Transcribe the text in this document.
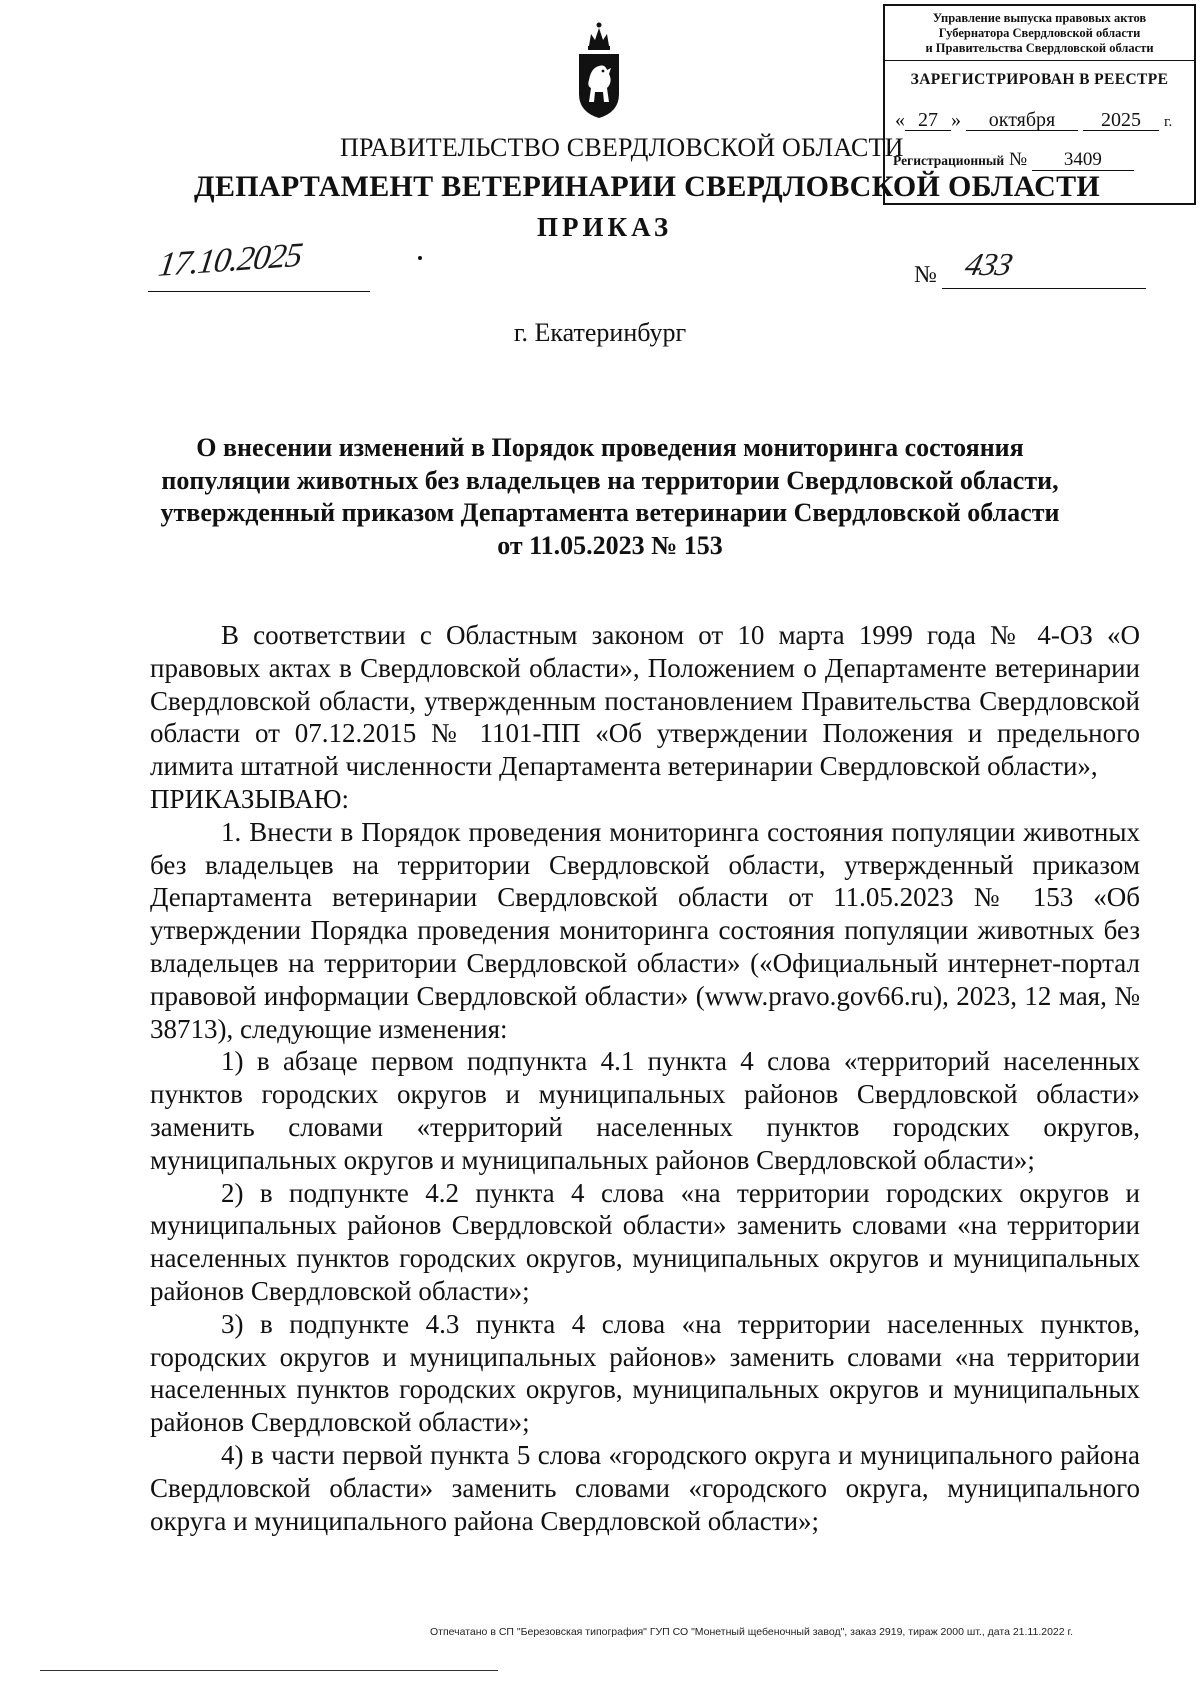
Управление выпуска правовых актов
Губернатора Свердловской области
и Правительства Свердловской области
ЗАРЕГИСТРИРОВАН В РЕЕСТРЕ
« 27 » октября 2025 г.
Регистрационный № 3409
ПРАВИТЕЛЬСТВО СВЕРДЛОВСКОЙ ОБЛАСТИ
ДЕПАРТАМЕНТ ВЕТЕРИНАРИИ СВЕРДЛОВСКОЙ ОБЛАСТИ
ПРИКАЗ
17.10.2025	№ 433
г. Екатеринбург
О внесении изменений в Порядок проведения мониторинга состояния популяции животных без владельцев на территории Свердловской области, утвержденный приказом Департамента ветеринарии Свердловской области от 11.05.2023 № 153

В соответствии с Областным законом от 10 марта 1999 года № 4-ОЗ «О правовых актах в Свердловской области», Положением о Департаменте ветеринарии Свердловской области, утвержденным постановлением Правительства Свердловской области от 07.12.2015 № 1101-ПП «Об утверждении Положения и предельного лимита штатной численности Департамента ветеринарии Свердловской области»,

ПРИКАЗЫВАЮ:

1. Внести в Порядок проведения мониторинга состояния популяции животных без владельцев на территории Свердловской области, утвержденный приказом Департамента ветеринарии Свердловской области от 11.05.2023 № 153 «Об утверждении Порядка проведения мониторинга состояния популяции животных без владельцев на территории Свердловской области» («Официальный интернет-портал правовой информации Свердловской области» (www.pravo.gov66.ru), 2023, 12 мая, № 38713), следующие изменения:

1) в абзаце первом подпункта 4.1 пункта 4 слова «территорий населенных пунктов городских округов и муниципальных районов Свердловской области» заменить словами «территорий населенных пунктов городских округов, муниципальных округов и муниципальных районов Свердловской области»;

2) в подпункте 4.2 пункта 4 слова «на территории городских округов и муниципальных районов Свердловской области» заменить словами «на территории населенных пунктов городских округов, муниципальных округов и муниципальных районов Свердловской области»;

3) в подпункте 4.3 пункта 4 слова «на территории населенных пунктов, городских округов и муниципальных районов» заменить словами «на территории населенных пунктов городских округов, муниципальных округов и муниципальных районов Свердловской области»;

4) в части первой пункта 5 слова «городского округа и муниципального района Свердловской области» заменить словами «городского округа, муниципального округа и муниципального района Свердловской области»;

Отпечатано в СП "Березовская типография" ГУП СО "Монетный щебеночный завод", заказ 2919, тираж 2000 шт., дата 21.11.2022 г.
